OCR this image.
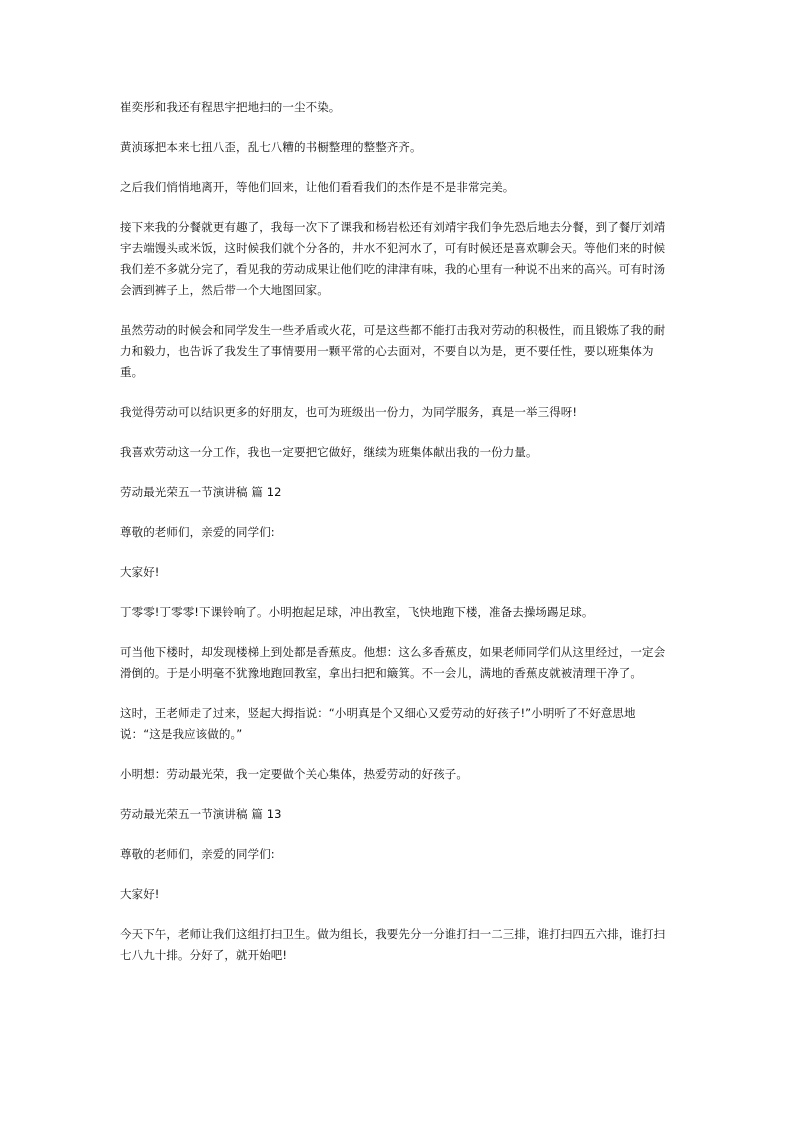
崔奕彤和我还有程思宇把地扫的一尘不染。

黄浈琢把本来七扭八歪，乱七八糟的书橱整理的整整齐齐。

之后我们悄悄地离开，等他们回来，让他们看看我们的杰作是不是非常完美。

接下来我的分餐就更有趣了，我每一次下了课我和杨岩松还有刘靖宇我们争先恐后地去分餐，到了餐厅刘靖宇去端馒头或米饭，这时候我们就个分各的，井水不犯河水了，可有时候还是喜欢聊会天。等他们来的时候我们差不多就分完了，看见我的劳动成果让他们吃的津津有味，我的心里有一种说不出来的高兴。可有时汤会洒到裤子上，然后带一个大地图回家。

虽然劳动的时候会和同学发生一些矛盾或火花，可是这些都不能打击我对劳动的积极性，而且锻炼了我的耐力和毅力，也告诉了我发生了事情要用一颗平常的心去面对，不要自以为是，更不要任性，要以班集体为重。

我觉得劳动可以结识更多的好朋友，也可为班级出一份力，为同学服务，真是一举三得呀!

我喜欢劳动这一分工作，我也一定要把它做好，继续为班集体献出我的一份力量。

劳动最光荣五一节演讲稿 篇 12

尊敬的老师们，亲爱的同学们:

大家好!

丁零零!丁零零!下课铃响了。小明抱起足球，冲出教室，飞快地跑下楼，准备去操场踢足球。

可当他下楼时，却发现楼梯上到处都是香蕉皮。他想：这么多香蕉皮，如果老师同学们从这里经过，一定会滑倒的。于是小明毫不犹豫地跑回教室，拿出扫把和簸箕。不一会儿，满地的香蕉皮就被清理干净了。

这时，王老师走了过来，竖起大拇指说：“小明真是个又细心又爱劳动的好孩子!”小明听了不好意思地说：“这是我应该做的。”

小明想：劳动最光荣，我一定要做个关心集体，热爱劳动的好孩子。

劳动最光荣五一节演讲稿 篇 13

尊敬的老师们，亲爱的同学们:

大家好!

今天下午，老师让我们这组打扫卫生。做为组长，我要先分一分谁打扫一二三排，谁打扫四五六排，谁打扫七八九十排。分好了，就开始吧!
